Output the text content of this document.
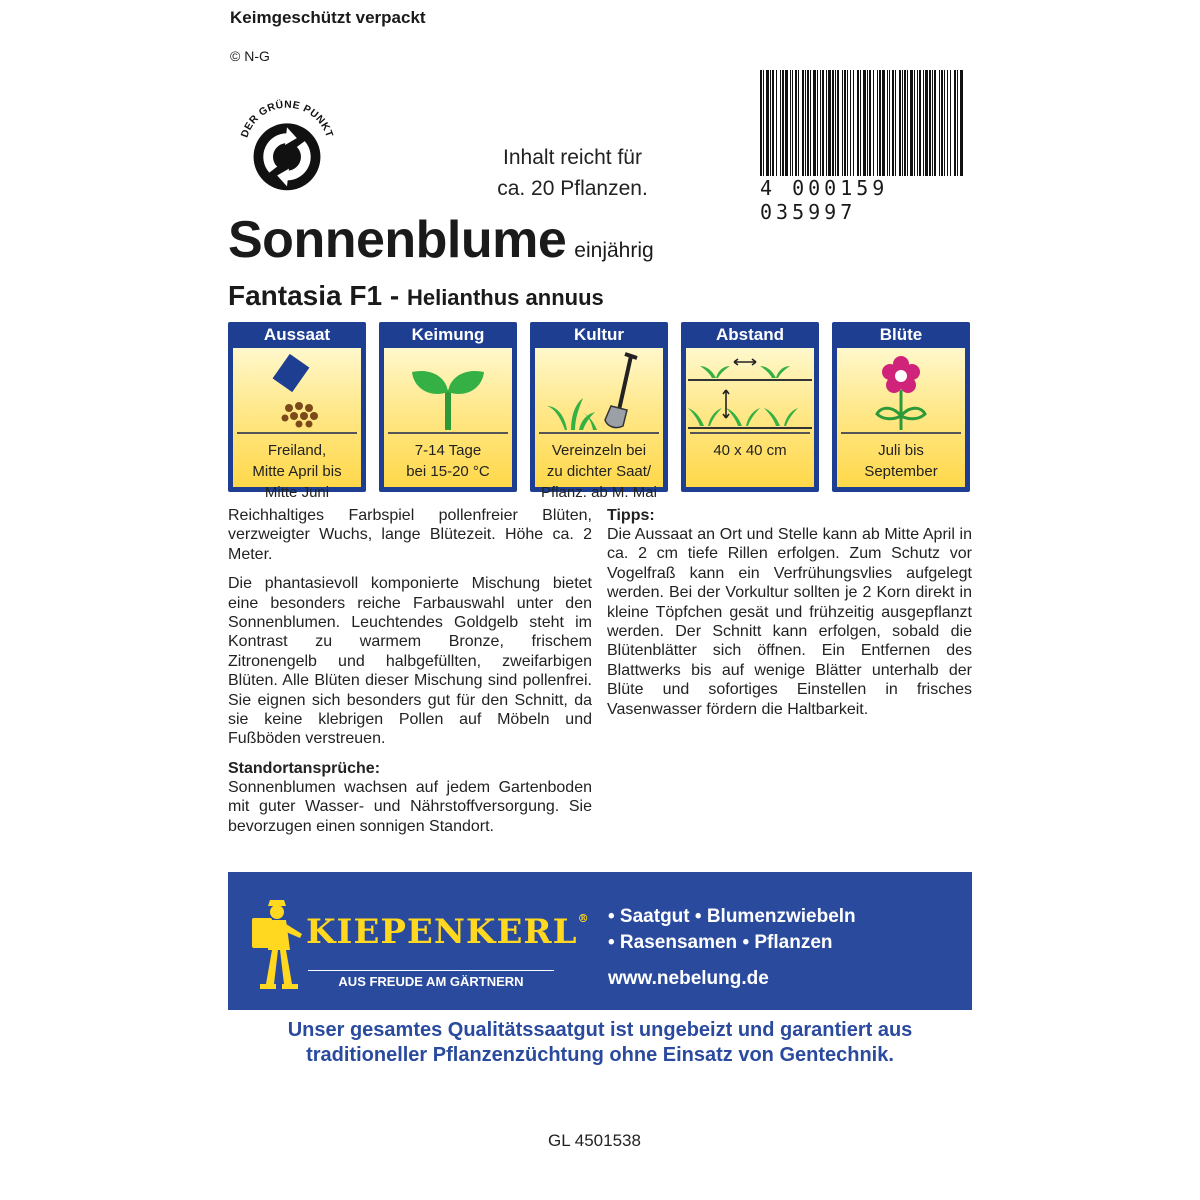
Keimgeschützt verpackt
© N-G
DER GRÜNE PUNKT
Inhalt reicht für
ca. 20 Pflanzen.	4 000159 035997
Sonnenblume einjährig
Fantasia F1 - Helianthus annuus
Aussaat
Freiland,
Mitte April bis
Mitte Juni
Keimung
7-14 Tage
bei 15-20 °C
Kultur
Vereinzeln bei
zu dichter Saat/
Pflanz. ab M. Mai
Abstand
40 x 40 cm
Blüte
Juli bis
September

Reichhaltiges Farbspiel pollenfreier Blüten, verzweigter Wuchs, lange Blütezeit. Höhe ca. 2 Meter.

Die phantasievoll komponierte Mischung bietet eine besonders reiche Farbauswahl unter den Sonnenblumen. Leuchtendes Goldgelb steht im Kontrast zu warmem Bronze, frischem Zitronengelb und halbgefüllten, zweifarbigen Blüten. Alle Blüten dieser Mischung sind pollenfrei. Sie eignen sich besonders gut für den Schnitt, da sie keine klebrigen Pollen auf Möbeln und Fußböden verstreuen.

Standortansprüche:

Sonnenblumen wachsen auf jedem Gartenboden mit guter Wasser- und Nährstoffversorgung. Sie bevorzugen einen sonnigen Standort.

Tipps:

Die Aussaat an Ort und Stelle kann ab Mitte April in ca. 2 cm tiefe Rillen erfolgen. Zum Schutz vor Vogelfraß kann ein Verfrühungsvlies aufgelegt werden. Bei der Vorkultur sollten je 2 Korn direkt in kleine Töpfchen gesät und frühzeitig ausgepflanzt werden. Der Schnitt kann erfolgen, sobald die Blütenblätter sich öffnen. Ein Entfernen des Blattwerks bis auf wenige Blätter unterhalb der Blüte und sofortiges Einstellen in frisches Vasenwasser fördern die Haltbarkeit.

KIEPENKERL®
AUS FREUDE AM GÄRTNERN
• Saatgut • Blumenzwiebeln
• Rasensamen • Pflanzen
www.nebelung.de
Unser gesamtes Qualitätssaatgut ist ungebeizt und garantiert aus
traditioneller Pflanzenzüchtung ohne Einsatz von Gentechnik.
GL 4501538
